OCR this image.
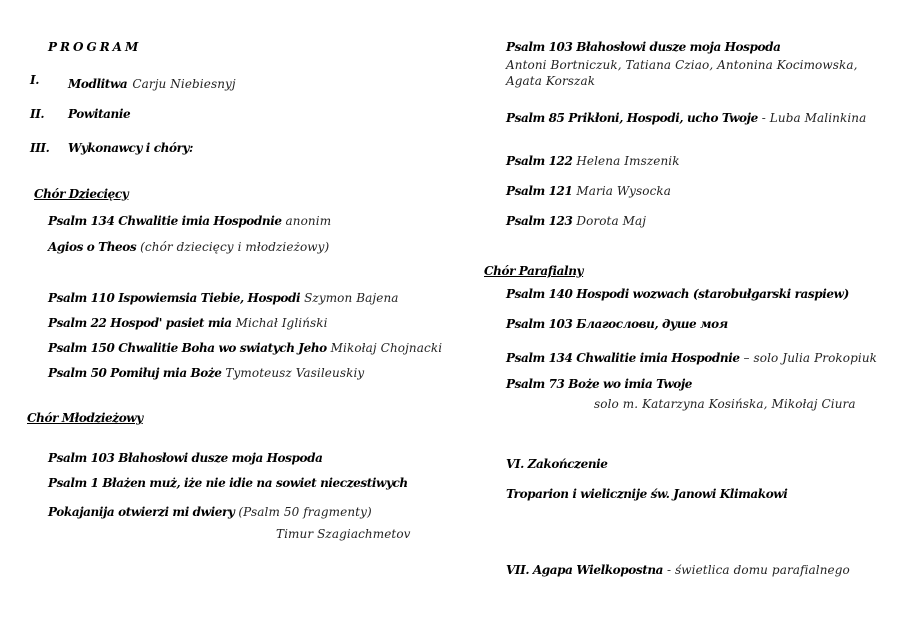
PROGRAM
I. Modlitwa Carju Niebiesnyj
II. Powitanie
III. Wykonawcy i chóry:
Chór Dziecięcy
Psalm 134 Chwalitie imia Hospodnie anonim
Agios o Theos (chór dziecięcy i młodzieżowy)
Psalm 110 Ispowiemsia Tiebie, Hospodi Szymon Bajena
Psalm 22 Hospod' pasiet mia Michał Igliński
Psalm 150 Chwalitie Boha wo swiatych Jeho Mikołaj Chojnacki
Psalm 50 Pomiłuj mia Boże Tymoteusz Vasileuskiy
Chór Młodzieżowy
Psalm 103 Błahosłowi dusze moja Hospoda
Psalm 1 Błażen muż, iże nie idie na sowiet nieczestiwych
Pokajanija otwierzi mi dwiery (Psalm 50 fragmenty)
Timur Szagiachmetov
Psalm 103 Błahosłowi dusze moja Hospoda
Antoni Bortniczuk, Tatiana Cziao, Antonina Kocimowska, Agata Korszak
Psalm 85 Prikłoni, Hospodi, ucho Twoje - Luba Malinkina
Psalm 122 Helena Imszenik
Psalm 121 Maria Wysocka
Psalm 123 Dorota Maj
Chór Parafialny
Psalm 140 Hospodi wozwach (starobułgarski raspiew)
Psalm 103 Благослови, душе моя
Psalm 134 Chwalitie imia Hospodnie – solo Julia Prokopiuk
Psalm 73 Boże wo imia Twoje
solo m. Katarzyna Kosińska, Mikołaj Ciura
VI. Zakończenie
Troparion i wielicznije św. Janowi Klimakowi
VII. Agapa Wielkopostna - świetlica domu parafialnego
